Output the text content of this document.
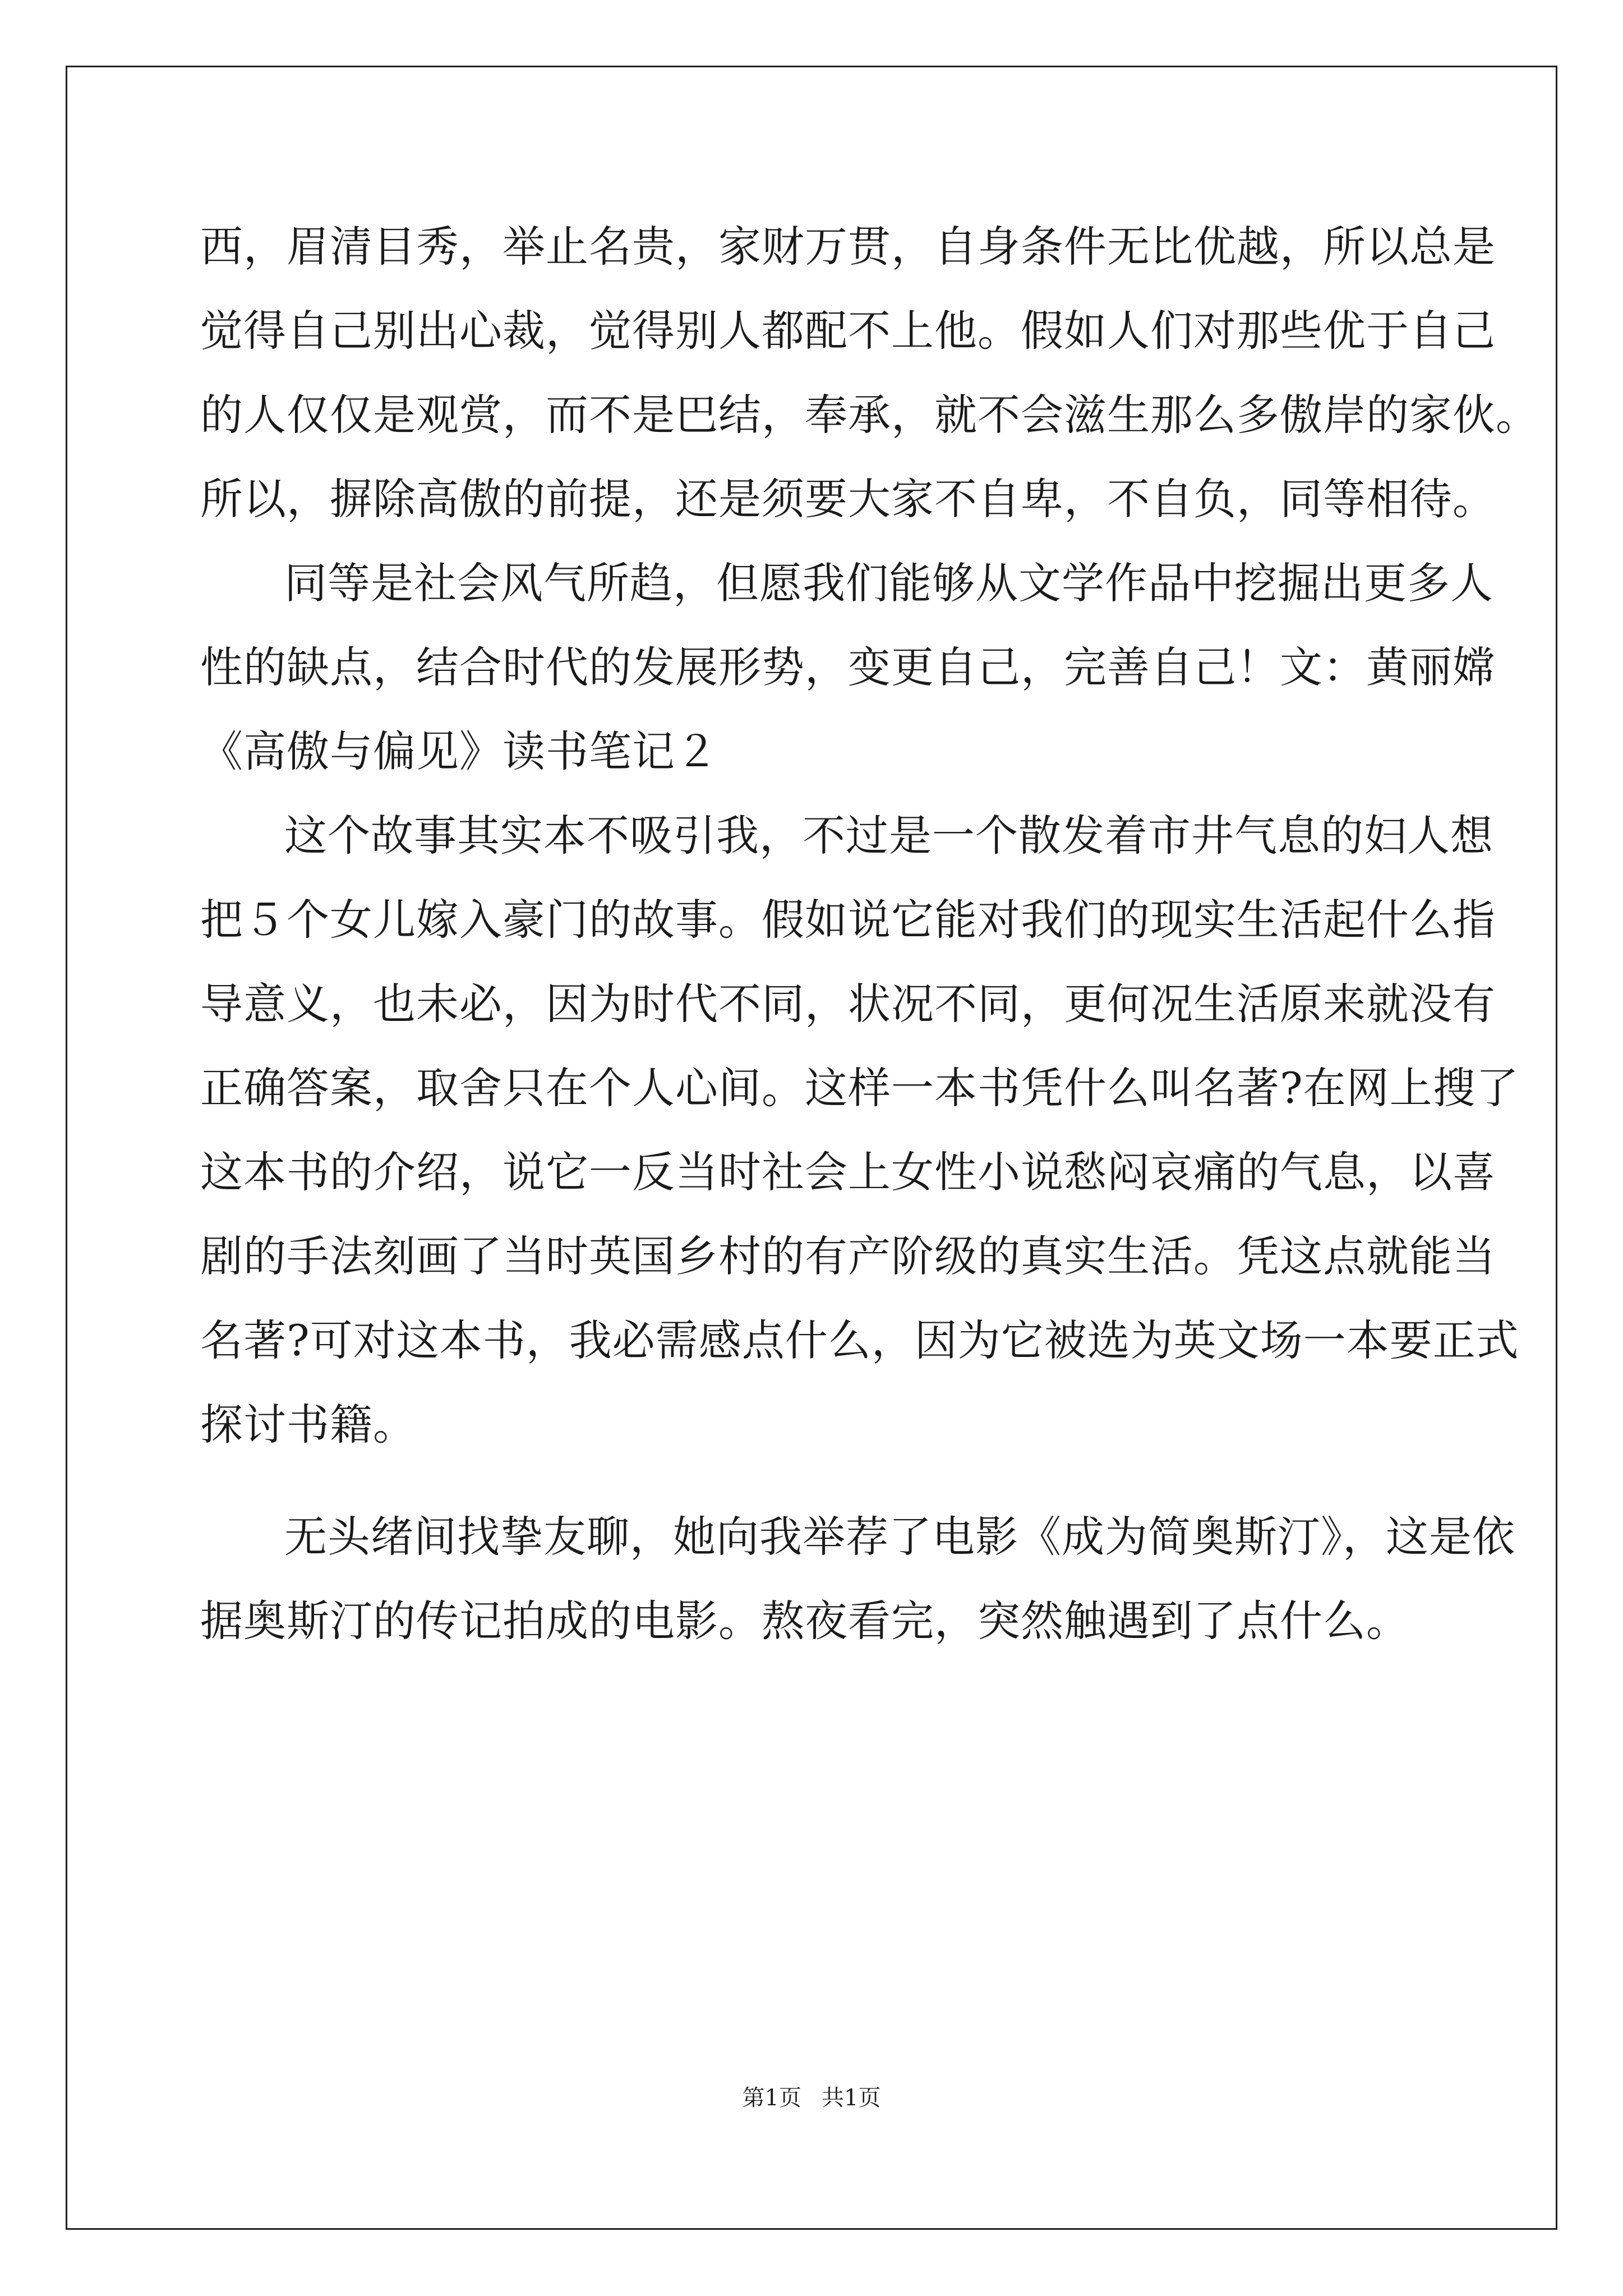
西，眉清目秀，举止名贵，家财万贯，自身条件无比优越，所以总是
觉得自己别出心裁，觉得别人都配不上他。假如人们对那些优于自己
的人仅仅是观赏，而不是巴结，奉承，就不会滋生那么多傲岸的家伙。
所以，摒除高傲的前提，还是须要大家不自卑，不自负，同等相待。
同等是社会风气所趋，但愿我们能够从文学作品中挖掘出更多人
性的缺点，结合时代的发展形势，变更自己，完善自己！文：黄丽嫦
《高傲与偏见》读书笔记２
这个故事其实本不吸引我，不过是一个散发着市井气息的妇人想
把５个女儿嫁入豪门的故事。假如说它能对我们的现实生活起什么指
导意义，也未必，因为时代不同，状况不同，更何况生活原来就没有
正确答案，取舍只在个人心间。这样一本书凭什么叫名著?在网上搜了
这本书的介绍，说它一反当时社会上女性小说愁闷哀痛的气息，以喜
剧的手法刻画了当时英国乡村的有产阶级的真实生活。凭这点就能当
名著?可对这本书，我必需感点什么，因为它被选为英文场一本要正式
探讨书籍。
无头绪间找挚友聊，她向我举荐了电影《成为简奥斯汀》，这是依
据奥斯汀的传记拍成的电影。熬夜看完，突然触遇到了点什么。
第1页 共1页
